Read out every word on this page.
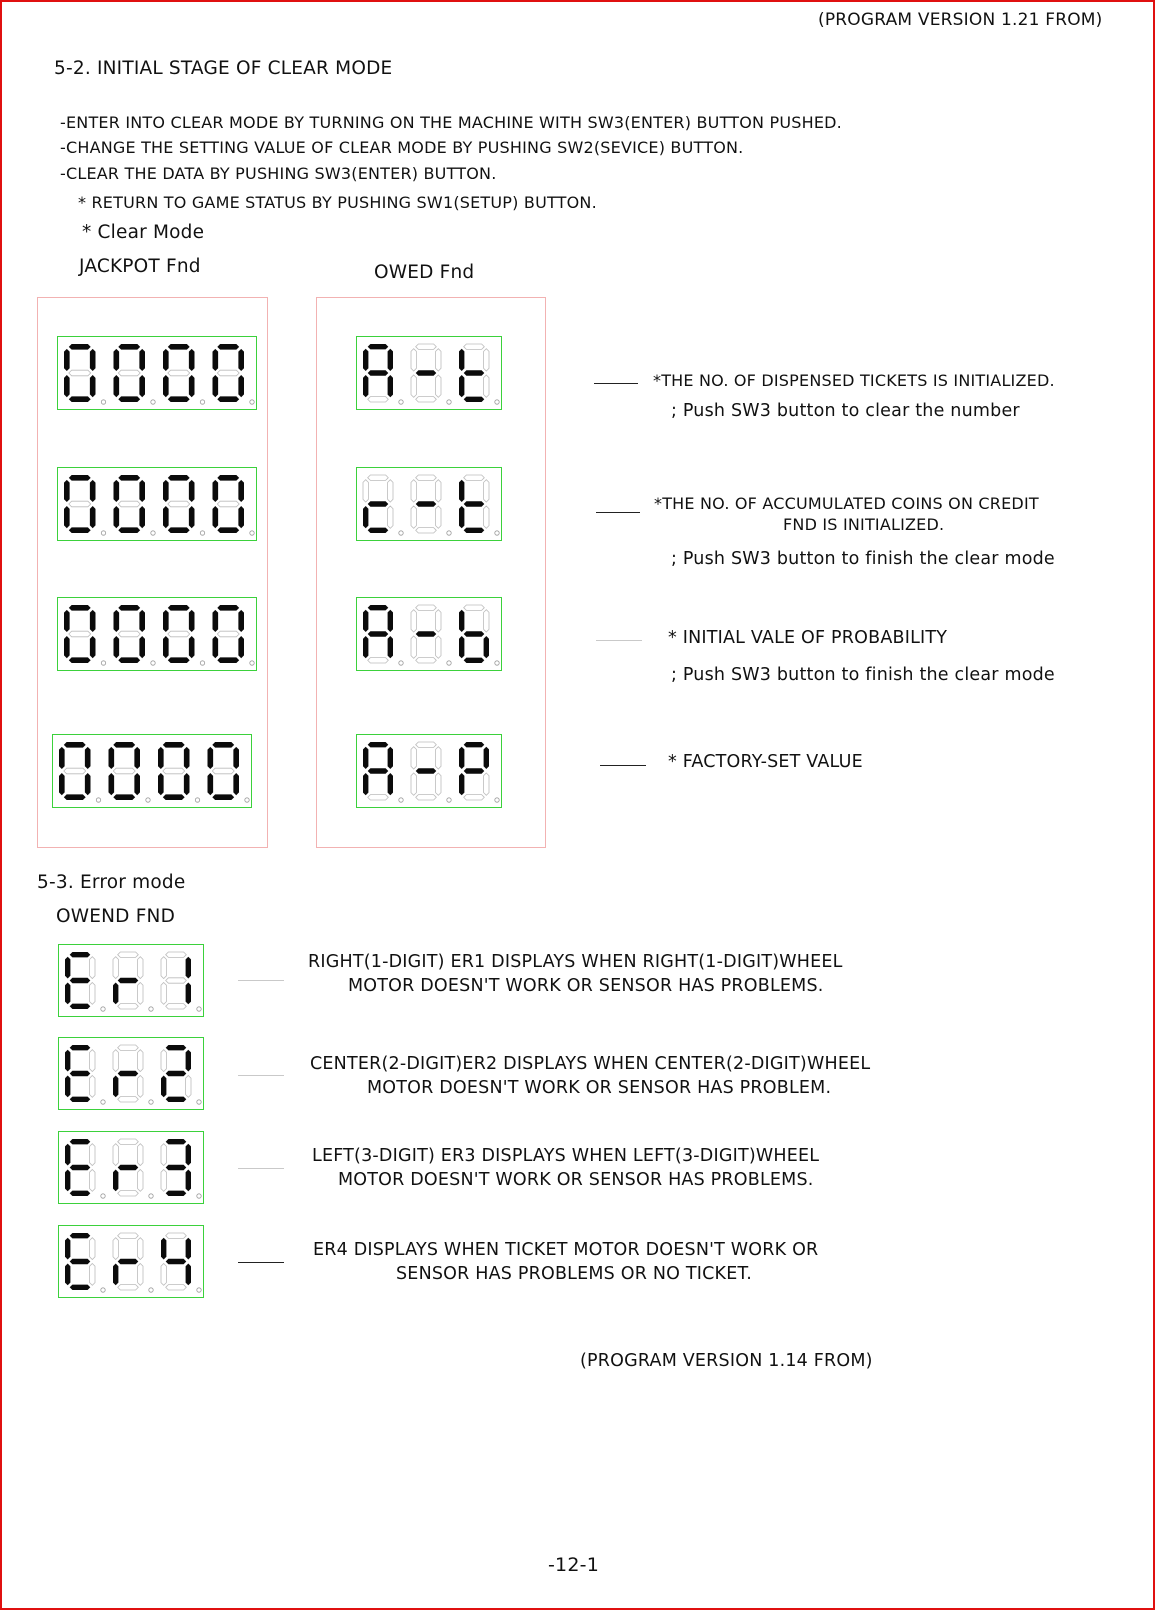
(PROGRAM VERSION 1.21 FROM)
5-2. INITIAL STAGE OF CLEAR MODE
-ENTER INTO CLEAR MODE BY TURNING ON THE MACHINE WITH SW3(ENTER) BUTTON PUSHED.
-CHANGE THE SETTING VALUE OF CLEAR MODE BY PUSHING SW2(SEVICE) BUTTON.
-CLEAR THE DATA BY PUSHING SW3(ENTER) BUTTON.
* RETURN TO GAME STATUS BY PUSHING SW1(SETUP) BUTTON.
* Clear Mode
JACKPOT Fnd	OWED Fnd
*THE NO. OF DISPENSED TICKETS IS INITIALIZED.
; Push SW3 button to clear the number
*THE NO. OF ACCUMULATED COINS ON CREDIT
FND IS INITIALIZED.
; Push SW3 button to finish the clear mode
* INITIAL VALE OF PROBABILITY
; Push SW3 button to finish the clear mode
* FACTORY-SET VALUE
5-3. Error mode
OWEND FND
RIGHT(1-DIGIT) ER1 DISPLAYS WHEN RIGHT(1-DIGIT)WHEEL
MOTOR DOESN'T WORK OR SENSOR HAS PROBLEMS.
CENTER(2-DIGIT)ER2 DISPLAYS WHEN CENTER(2-DIGIT)WHEEL
MOTOR DOESN'T WORK OR SENSOR HAS PROBLEM.
LEFT(3-DIGIT) ER3 DISPLAYS WHEN LEFT(3-DIGIT)WHEEL
MOTOR DOESN'T WORK OR SENSOR HAS PROBLEMS.
ER4 DISPLAYS WHEN TICKET MOTOR DOESN'T WORK OR
SENSOR HAS PROBLEMS OR NO TICKET.
(PROGRAM VERSION 1.14 FROM)
-12-1
